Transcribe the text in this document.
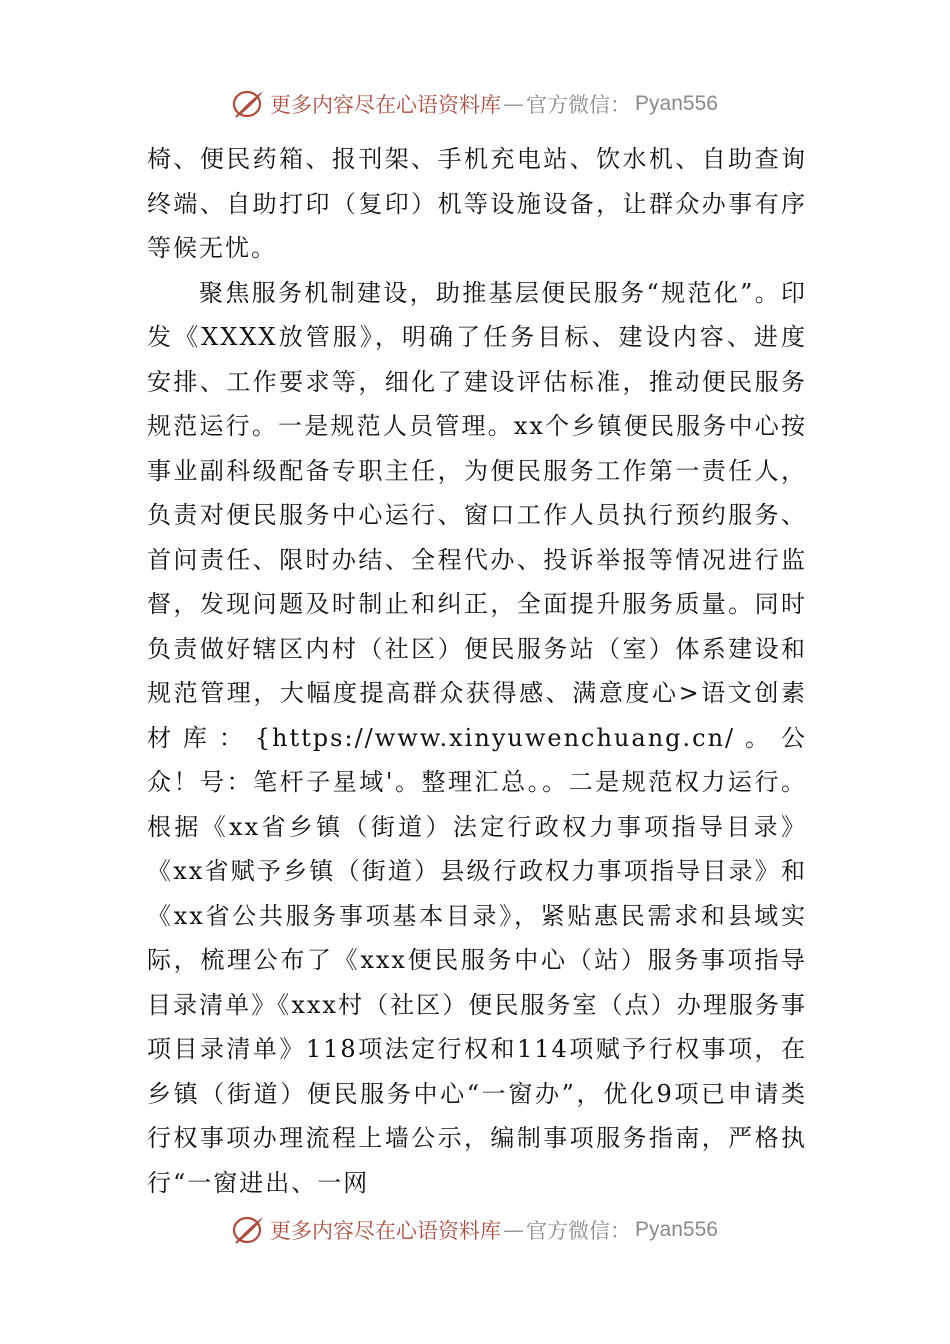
更多内容尽在心语资料库 — 官方微信： Pyan556

椅、便民药箱、报刊架、手机充电站、饮水机、自助查询终端、自助打印（复印）机等设施设备，让群众办事有序等候无忧。

聚焦服务机制建设，助推基层便民服务“规范化”。印发《XXXX放管服》，明确了任务目标、建设内容、进度安排、工作要求等，细化了建设评估标准，推动便民服务规范运行。一是规范人员管理。xx个乡镇便民服务中心按事业副科级配备专职主任，为便民服务工作第一责任人，负责对便民服务中心运行、窗口工作人员执行预约服务、首问责任、限时办结、全程代办、投诉举报等情况进行监督，发现问题及时制止和纠正，全面提升服务质量。同时负责做好辖区内村（社区）便民服务站（室）体系建设和规范管理，大幅度提高群众获得感、满意度心>语文创素材库：{https://www.xinyuwenchuang.cn/。公众！号：笔杆子星域'。整理汇总。。二是规范权力运行。根据《xx省乡镇（街道）法定行政权力事项指导目录》《xx省赋予乡镇（街道）县级行政权力事项指导目录》和《xx省公共服务事项基本目录》，紧贴惠民需求和县域实际，梳理公布了《xxx便民服务中心（站）服务事项指导目录清单》《xxx村（社区）便民服务室（点）办理服务事项目录清单》118项法定行权和114项赋予行权事项，在乡镇（街道）便民服务中心“一窗办”，优化9项已申请类行权事项办理流程上墙公示，编制事项服务指南，严格执行“一窗进出、一网

更多内容尽在心语资料库 — 官方微信： Pyan556
